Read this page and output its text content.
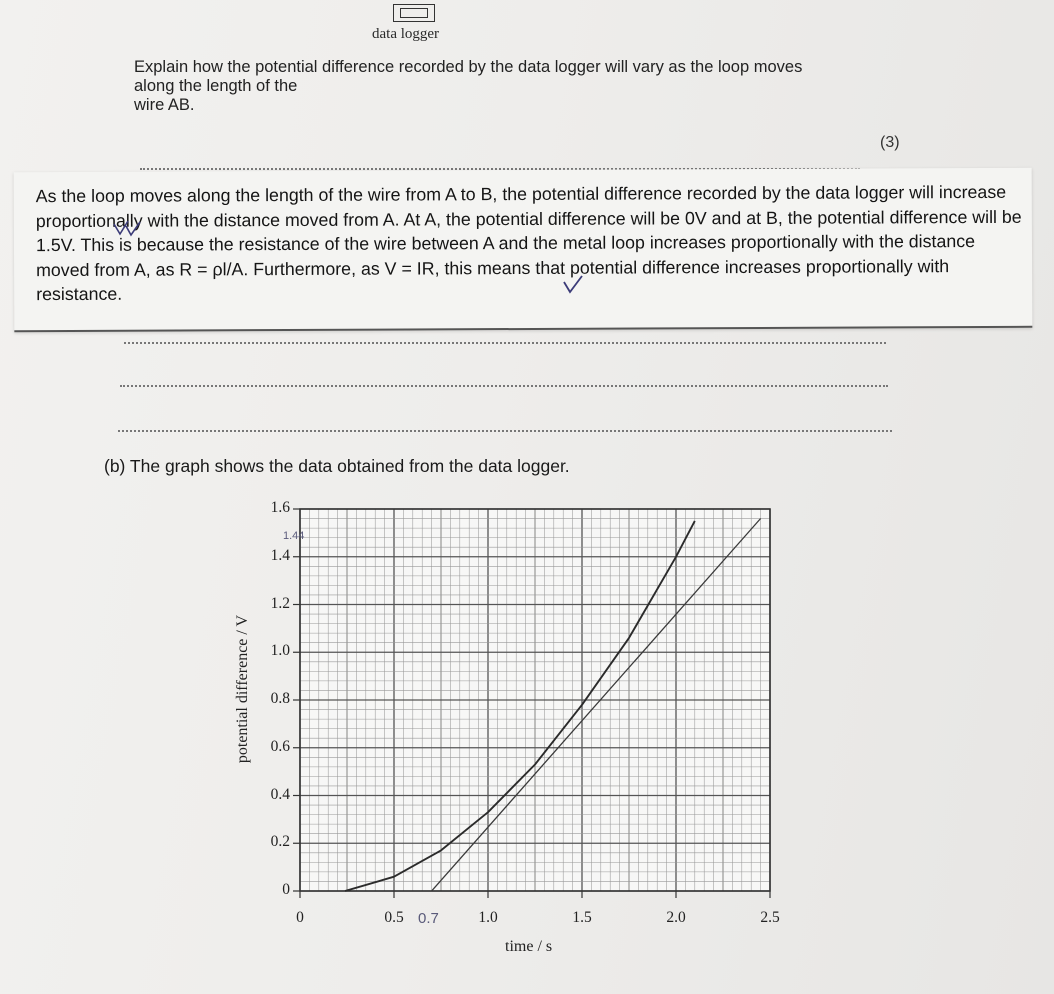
data logger
Explain how the potential difference recorded by the data logger will vary as the loop moves
along the length of the
wire AB.
(3)
As the loop moves along the length of the wire from A to B, the potential difference recorded by the data logger will increase proportionally with the distance moved from A. At A, the potential difference will be 0V and at B, the potential difference will be 1.5V. This is because the resistance of the wire between A and the metal loop increases proportionally with the distance moved from A, as R = ρl/A. Furthermore, as V = IR, this means that potential difference increases proportionally with resistance.
(b) The graph shows the data obtained from the data logger.
0
0.2
0.4
0.6
0.8
1.0
1.2
1.4
1.6
0	0.5	1.0	1.5	2.0	2.5
potential difference / V
time / s
1.44
0.7
